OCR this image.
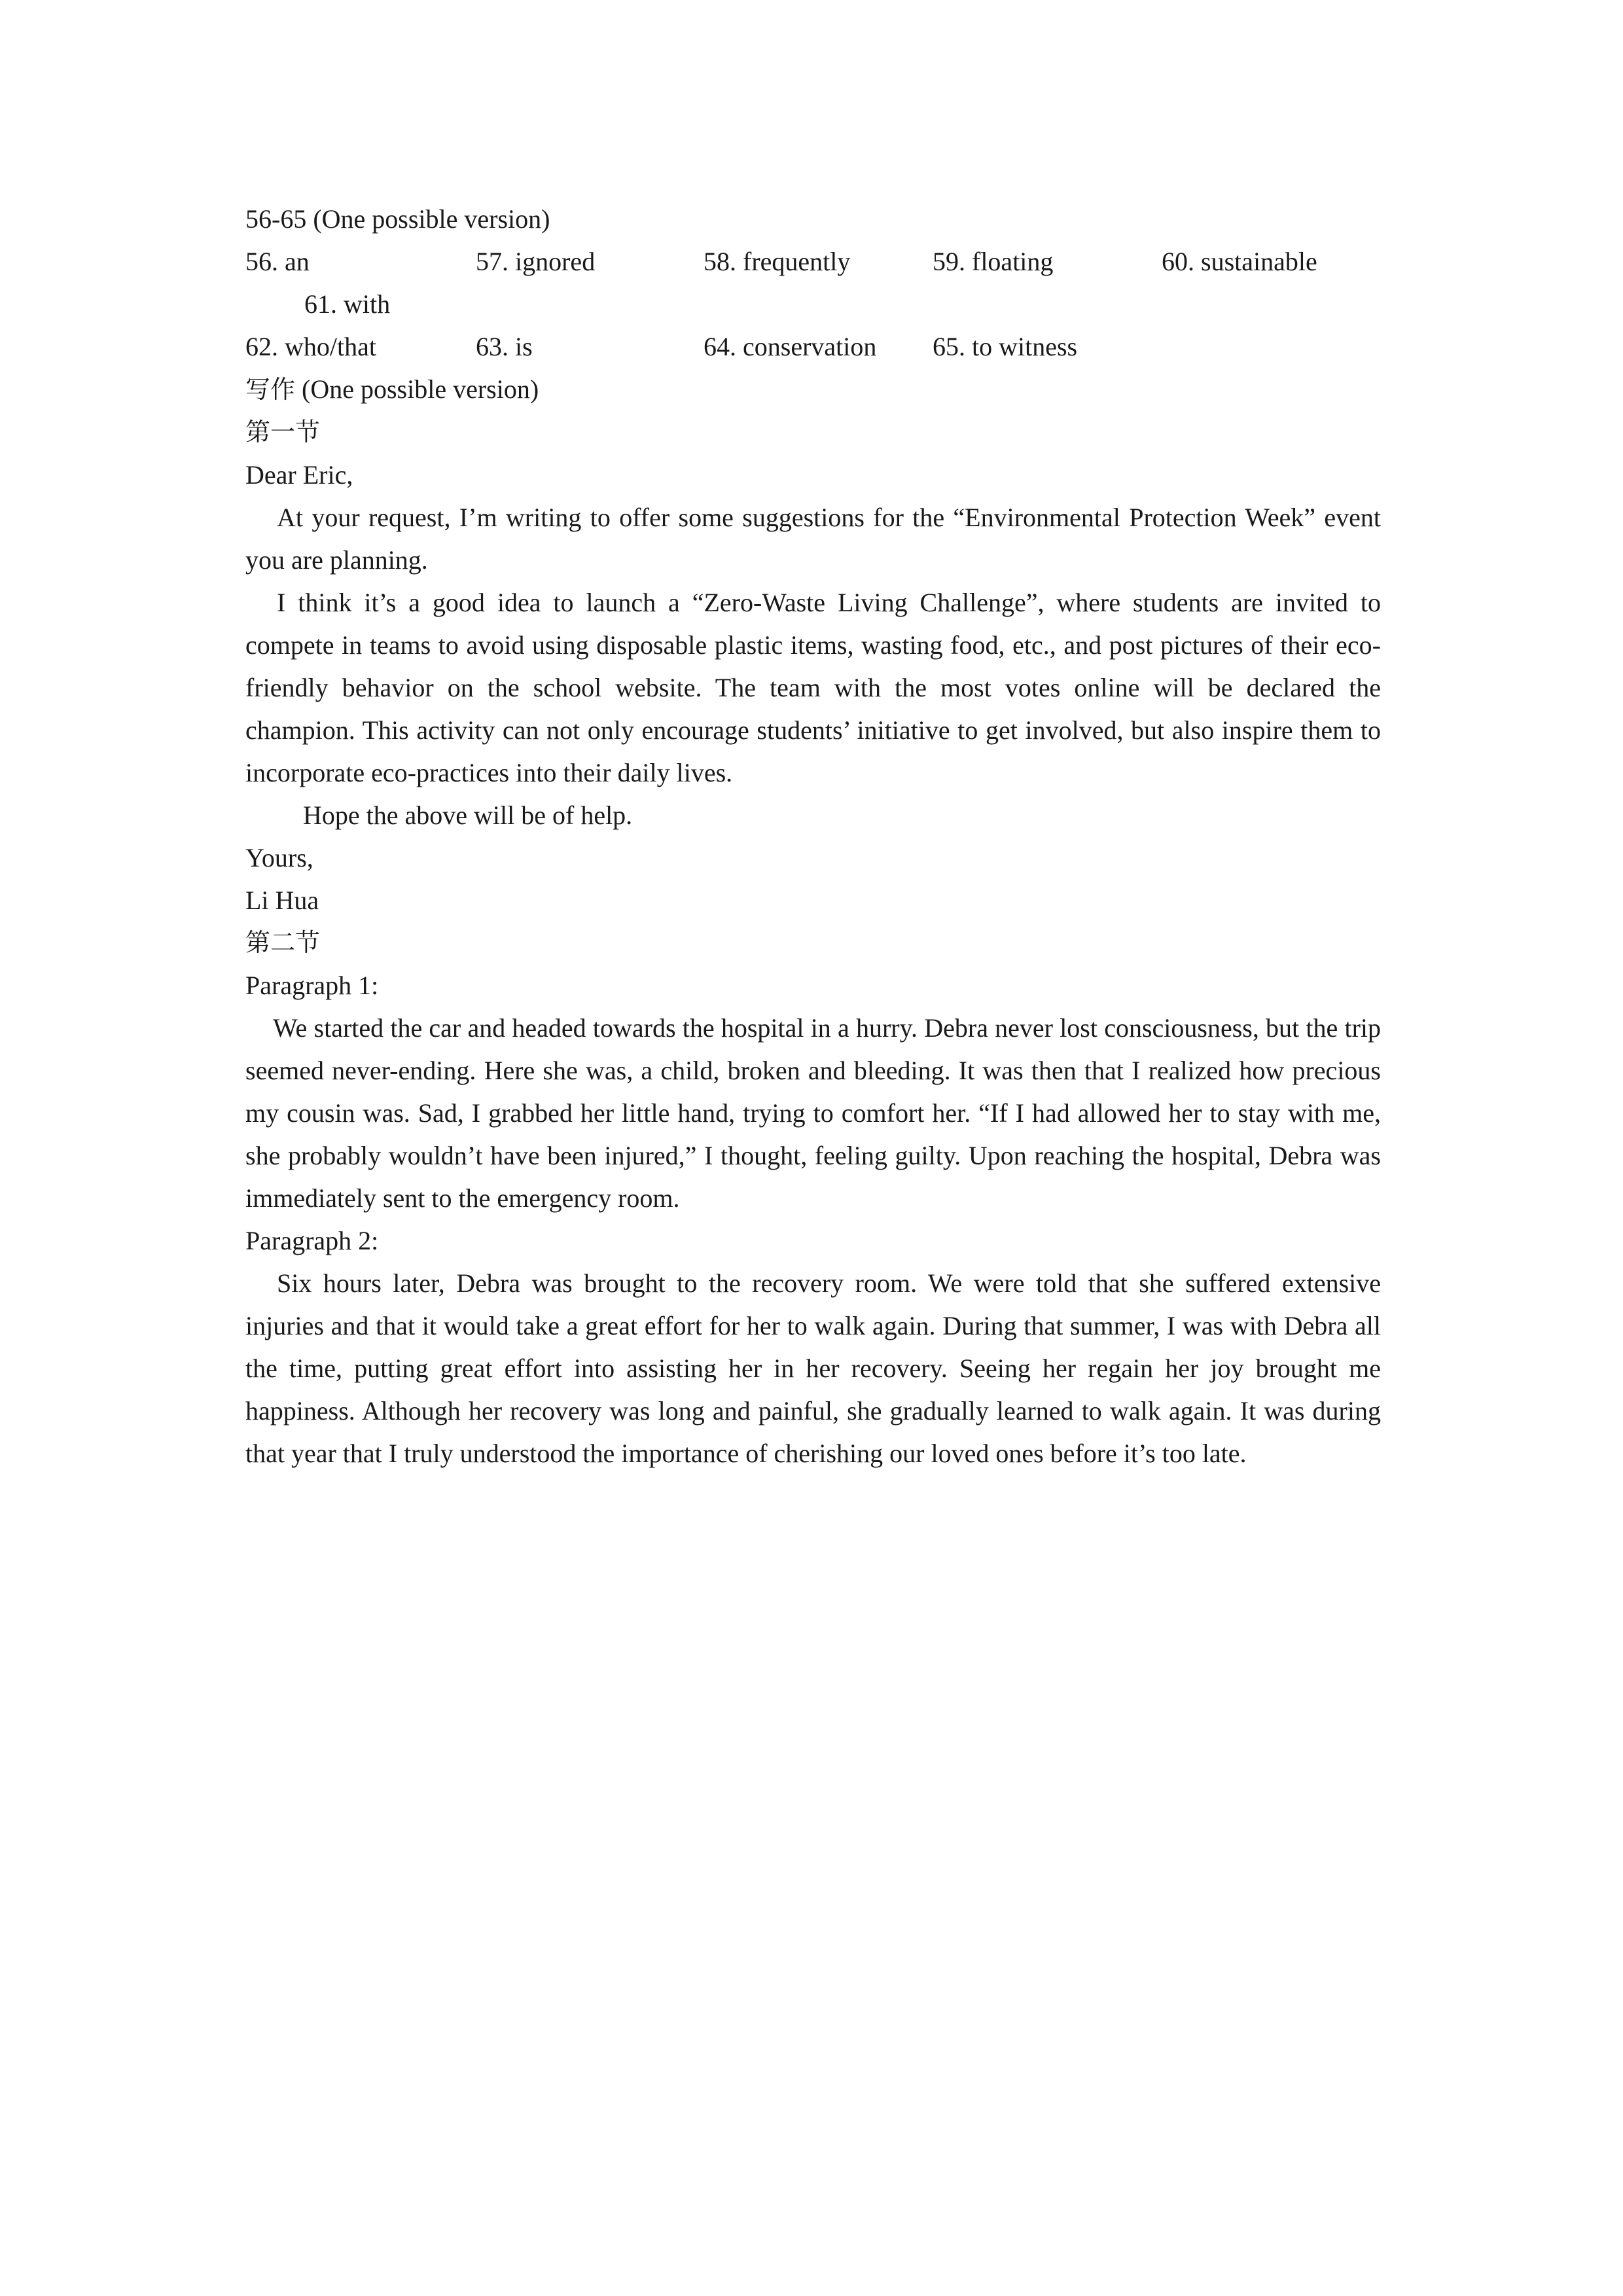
56-65 (One possible version)
56. an	57. ignored	58. frequently	59. floating	60. sustainable
61. with
62. who/that	63. is	64. conservation 65. to witness
写作 (One possible version)
第一节
Dear Eric,

At your request, I’m writing to offer some suggestions for the “Environmental Protection Week” event you are planning.

I think it’s a good idea to launch a “Zero-Waste Living Challenge”, where students are invited to compete in teams to avoid using disposable plastic items, wasting food, etc., and post pictures of their eco-friendly behavior on the school website. The team with the most votes online will be declared the champion. This activity can not only encourage students’ initiative to get involved, but also inspire them to incorporate eco-practices into their daily lives.

Hope the above will be of help.

Yours,
Li Hua
第二节
Paragraph 1:

We started the car and headed towards the hospital in a hurry. Debra never lost consciousness, but the trip seemed never-ending. Here she was, a child, broken and bleeding. It was then that I realized how precious my cousin was. Sad, I grabbed her little hand, trying to comfort her. “If I had allowed her to stay with me, she probably wouldn’t have been injured,” I thought, feeling guilty. Upon reaching the hospital, Debra was immediately sent to the emergency room.

Paragraph 2:

Six hours later, Debra was brought to the recovery room. We were told that she suffered extensive injuries and that it would take a great effort for her to walk again. During that summer, I was with Debra all the time, putting great effort into assisting her in her recovery. Seeing her regain her joy brought me happiness. Although her recovery was long and painful, she gradually learned to walk again. It was during that year that I truly understood the importance of cherishing our loved ones before it’s too late.
